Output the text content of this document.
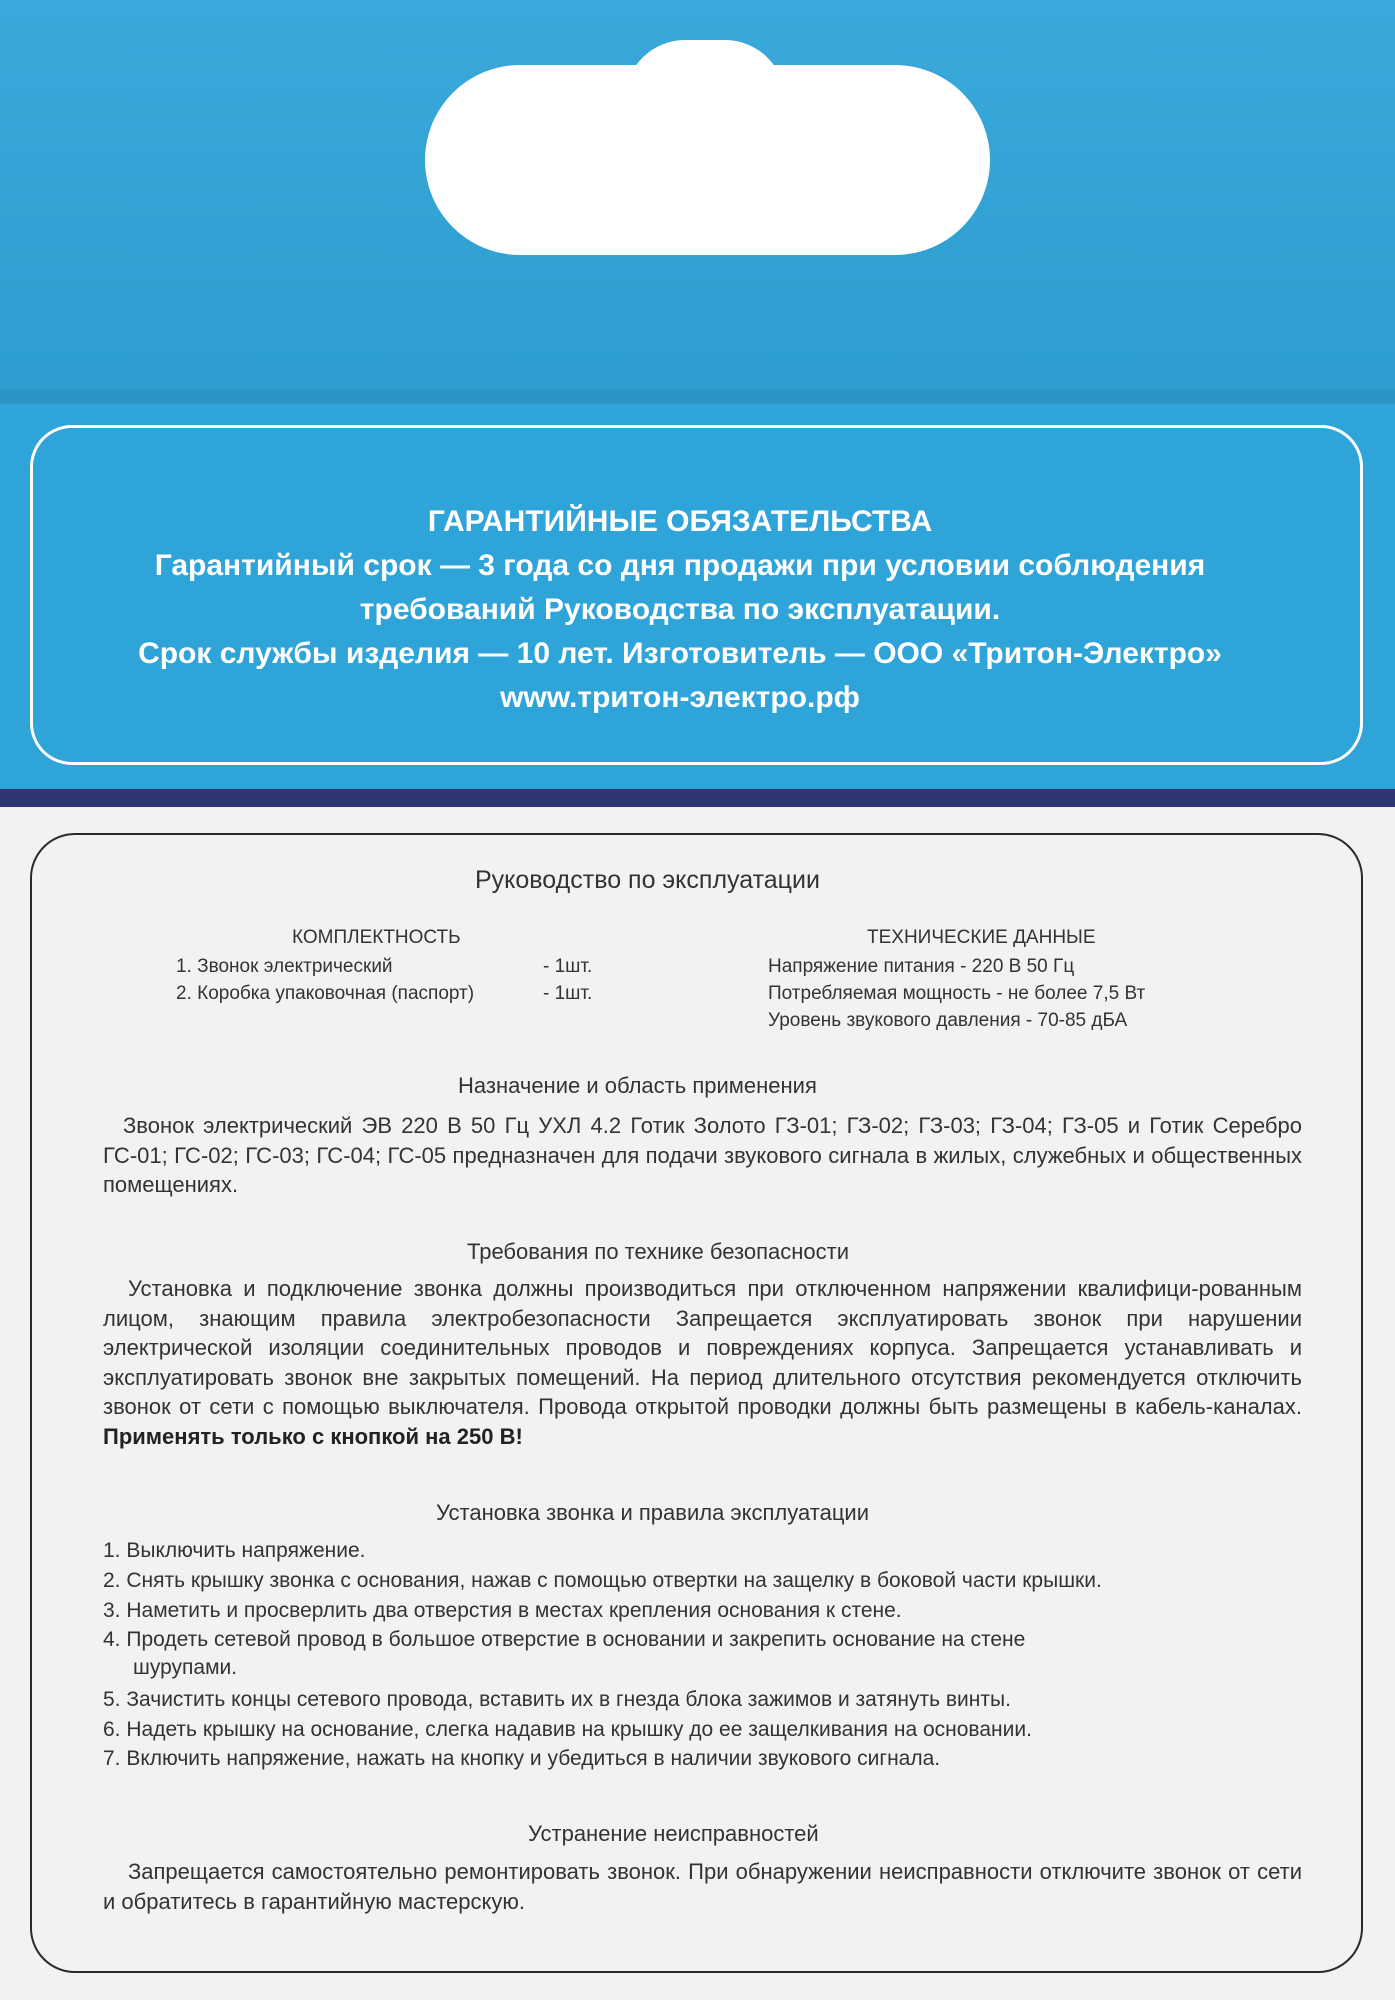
ГАРАНТИЙНЫЕ ОБЯЗАТЕЛЬСТВА
Гарантийный срок — 3 года со дня продажи при условии соблюдения
требований Руководства по эксплуатации.
Срок службы изделия — 10 лет. Изготовитель — ООО «Тритон-Электро»
www.тритон-электро.рф
Руководство по эксплуатации
КОМПЛЕКТНОСТЬ
1. Звонок электрический	- 1шт.
2. Коробка упаковочная (паспорт)	- 1шт.
ТЕХНИЧЕСКИЕ ДАННЫЕ
Напряжение питания - 220 В 50 Гц
Потребляемая мощность - не более 7,5 Вт
Уровень звукового давления - 70-85 дБА
Назначение и область применения
Звонок электрический ЭВ 220 В 50 Гц УХЛ 4.2 Готик Золото ГЗ-01; ГЗ-02; ГЗ-03; ГЗ-04; ГЗ-05 и Готик Серебро ГС-01; ГС-02; ГС-03; ГС-04; ГС-05 предназначен для подачи звукового сигнала в жилых, служебных и общественных помещениях.
Требования по технике безопасности
Установка и подключение звонка должны производиться при отключенном напряжении квалифици-рованным лицом, знающим правила электробезопасности Запрещается эксплуатировать звонок при нарушении электрической изоляции соединительных проводов и повреждениях корпуса. Запрещается устанавливать и эксплуатировать звонок вне закрытых помещений. На период длительного отсутствия рекомендуется отключить звонок от сети с помощью выключателя. Провода открытой проводки должны быть размещены в кабель-каналах. Применять только с кнопкой на 250 В!
Установка звонка и правила эксплуатации
1. Выключить напряжение.
2. Снять крышку звонка с основания, нажав с помощью отвертки на защелку в боковой части крышки.
3. Наметить и просверлить два отверстия в местах крепления основания к стене.
4. Продеть сетевой провод в большое отверстие в основании и закрепить основание на стене
шурупами.
5. Зачистить концы сетевого провода, вставить их в гнезда блока зажимов и затянуть винты.
6. Надеть крышку на основание, слегка надавив на крышку до ее защелкивания на основании.
7. Включить напряжение, нажать на кнопку и убедиться в наличии звукового сигнала.
Устранение неисправностей
Запрещается самостоятельно ремонтировать звонок. При обнаружении неисправности отключите звонок от сети и обратитесь в гарантийную мастерскую.
